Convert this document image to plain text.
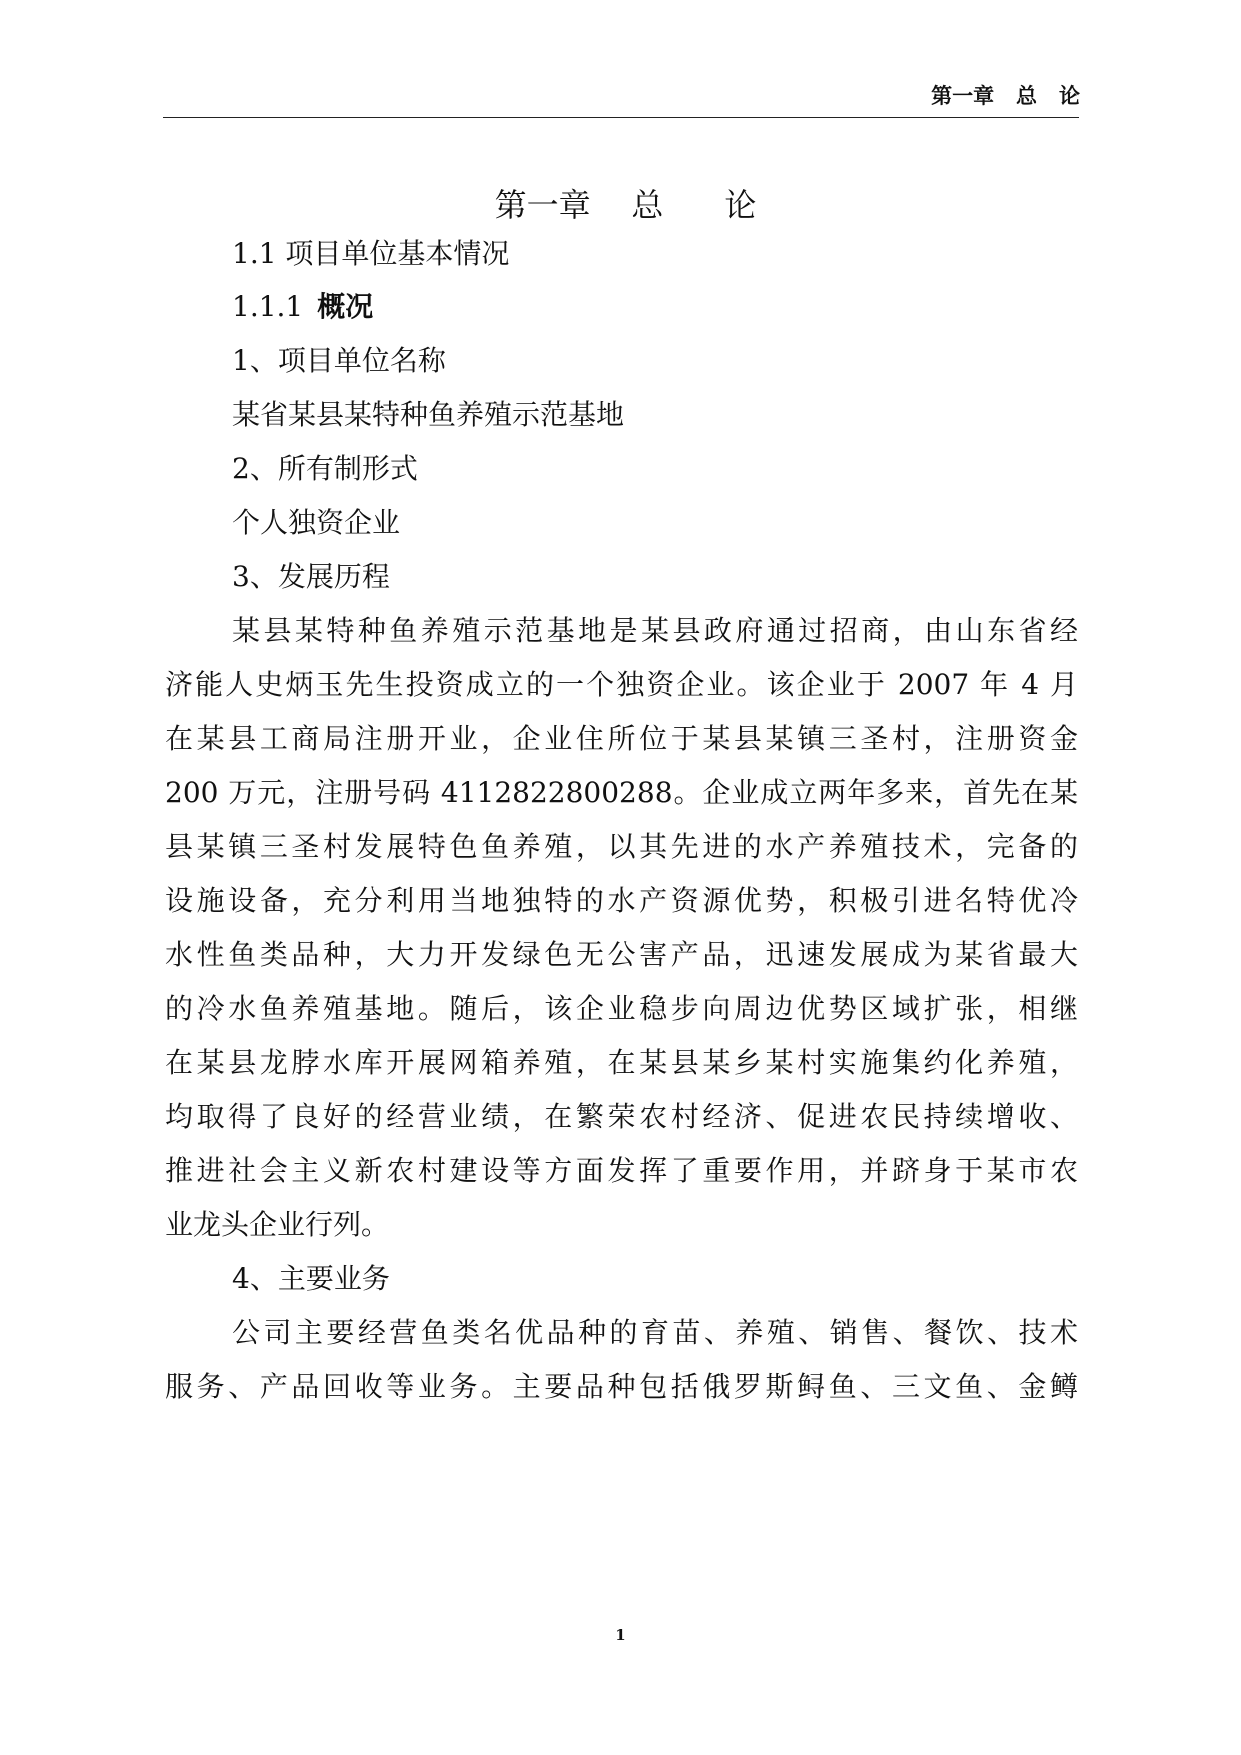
第一章   总   论
第一章    总      论
1.1 项目单位基本情况
1.1.1 概况
1、项目单位名称
某省某县某特种鱼养殖示范基地
2、所有制形式
个人独资企业
3、发展历程
某县某特种鱼养殖示范基地是某县政府通过招商，由山东省经
济能人史炳玉先生投资成立的一个独资企业。该企业于 2007 年 4 月
在某县工商局注册开业，企业住所位于某县某镇三圣村，注册资金
200 万元，注册号码 4112822800288。企业成立两年多来，首先在某
县某镇三圣村发展特色鱼养殖，以其先进的水产养殖技术，完备的
设施设备，充分利用当地独特的水产资源优势，积极引进名特优冷
水性鱼类品种，大力开发绿色无公害产品，迅速发展成为某省最大
的冷水鱼养殖基地。随后，该企业稳步向周边优势区域扩张，相继
在某县龙脖水库开展网箱养殖，在某县某乡某村实施集约化养殖，
均取得了良好的经营业绩，在繁荣农村经济、促进农民持续增收、
推进社会主义新农村建设等方面发挥了重要作用，并跻身于某市农
业龙头企业行列。
4、主要业务
公司主要经营鱼类名优品种的育苗、养殖、销售、餐饮、技术
服务、产品回收等业务。主要品种包括俄罗斯鲟鱼、三文鱼、金鳟
1
